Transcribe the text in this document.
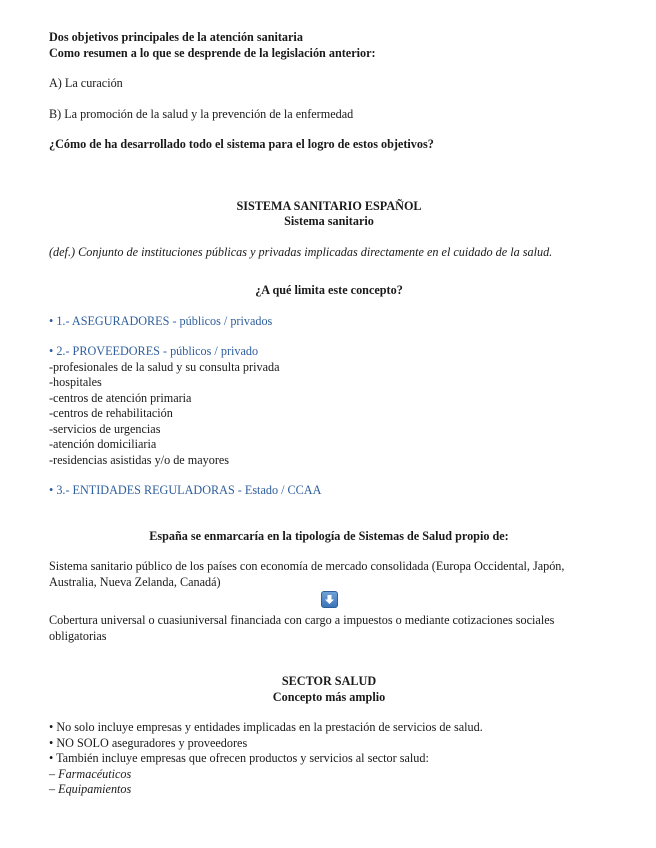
Dos objetivos principales de la atención sanitaria
Como resumen a lo que se desprende de la legislación anterior:
A) La curación
B) La promoción de la salud y la prevención de la enfermedad
¿Cómo de ha desarrollado todo el sistema para el logro de estos objetivos?
SISTEMA SANITARIO ESPAÑOL
Sistema sanitario
(def.) Conjunto de instituciones públicas y privadas implicadas directamente en el cuidado de la salud.
¿A qué limita este concepto?
• 1.- ASEGURADORES - públicos / privados
• 2.- PROVEEDORES - públicos / privado
-profesionales de la salud y su consulta privada
-hospitales
-centros de atención primaria
-centros de rehabilitación
-servicios de urgencias
-atención domiciliaria
-residencias asistidas y/o de mayores
• 3.- ENTIDADES REGULADORAS - Estado / CCAA
España se enmarcaría en la tipología de Sistemas de Salud propio de:
Sistema sanitario público de los países con economía de mercado consolidada (Europa Occidental, Japón, Australia, Nueva Zelanda, Canadá)
Cobertura universal o cuasiuniversal financiada con cargo a impuestos o mediante cotizaciones sociales obligatorias
SECTOR SALUD
Concepto más amplio
• No solo incluye empresas y entidades implicadas en la prestación de servicios de salud.
• NO SOLO aseguradores y proveedores
• También incluye empresas que ofrecen productos y servicios al sector salud:
– Farmacéuticos
– Equipamientos
